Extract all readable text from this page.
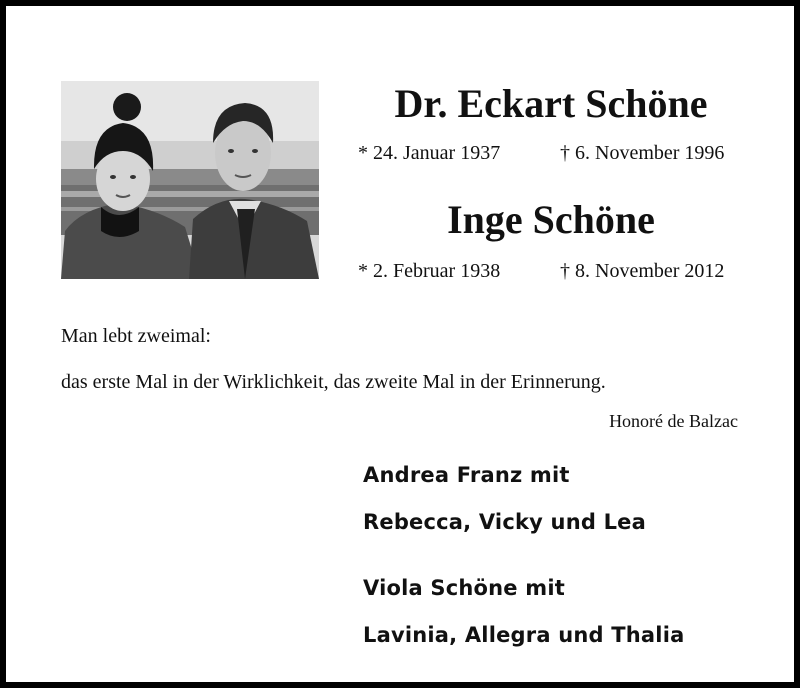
Dr. Eckart Schöne
* 24. Januar 1937	† 6. November 1996
Inge Schöne
* 2. Februar 1938	† 8. November 2012
Man lebt zweimal:
das erste Mal in der Wirklichkeit, das zweite Mal in der Erinnerung.
Honoré de Balzac
Andrea Franz mit
Rebecca, Vicky und Lea
Viola Schöne mit
Lavinia, Allegra und Thalia
